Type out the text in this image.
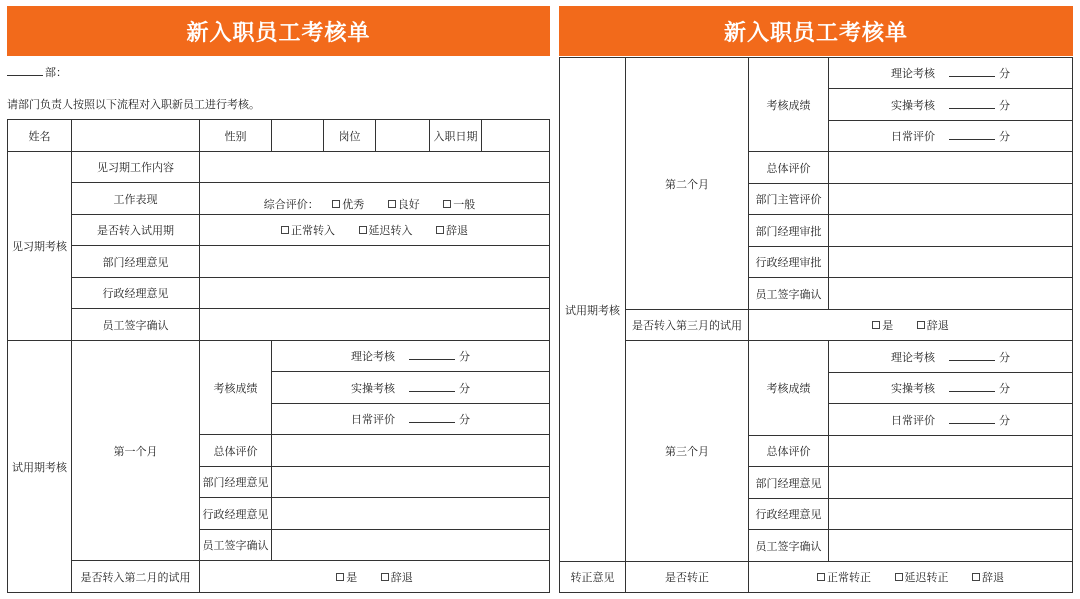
新入职员工考核单
部：
请部门负责人按照以下流程对入职新员工进行考核。
姓名		性别		岗位		入职日期	
见习期考核	见习期工作内容						
	工作表现	综合评价： 优秀 良好 一般					
	是否转入试用期	正常转入 延迟转入 辞退					
	部门经理意见						
	行政经理意见						
	员工签字确认						
试用期考核	第一个月	考核成绩	理论考核 分				

			实操考核 分				

			日常评价 分				

		总体评价					
		部门经理意见					
		行政经理意见					
		员工签字确认					
	是否转入第二月的试用	是 辞退					
新入职员工考核单
试用期考核	第二个月	考核成绩	理论考核 分

			实操考核 分

			日常评价 分

		总体评价	
		部门主管评价	
		部门经理审批	
		行政经理审批	
		员工签字确认	
	是否转入第三月的试用	是 辞退	
	第三个月	考核成绩	理论考核 分

			实操考核 分

			日常评价 分

		总体评价	
		部门经理意见	
		行政经理意见	
		员工签字确认	
转正意见	是否转正	正常转正 延迟转正 辞退	
